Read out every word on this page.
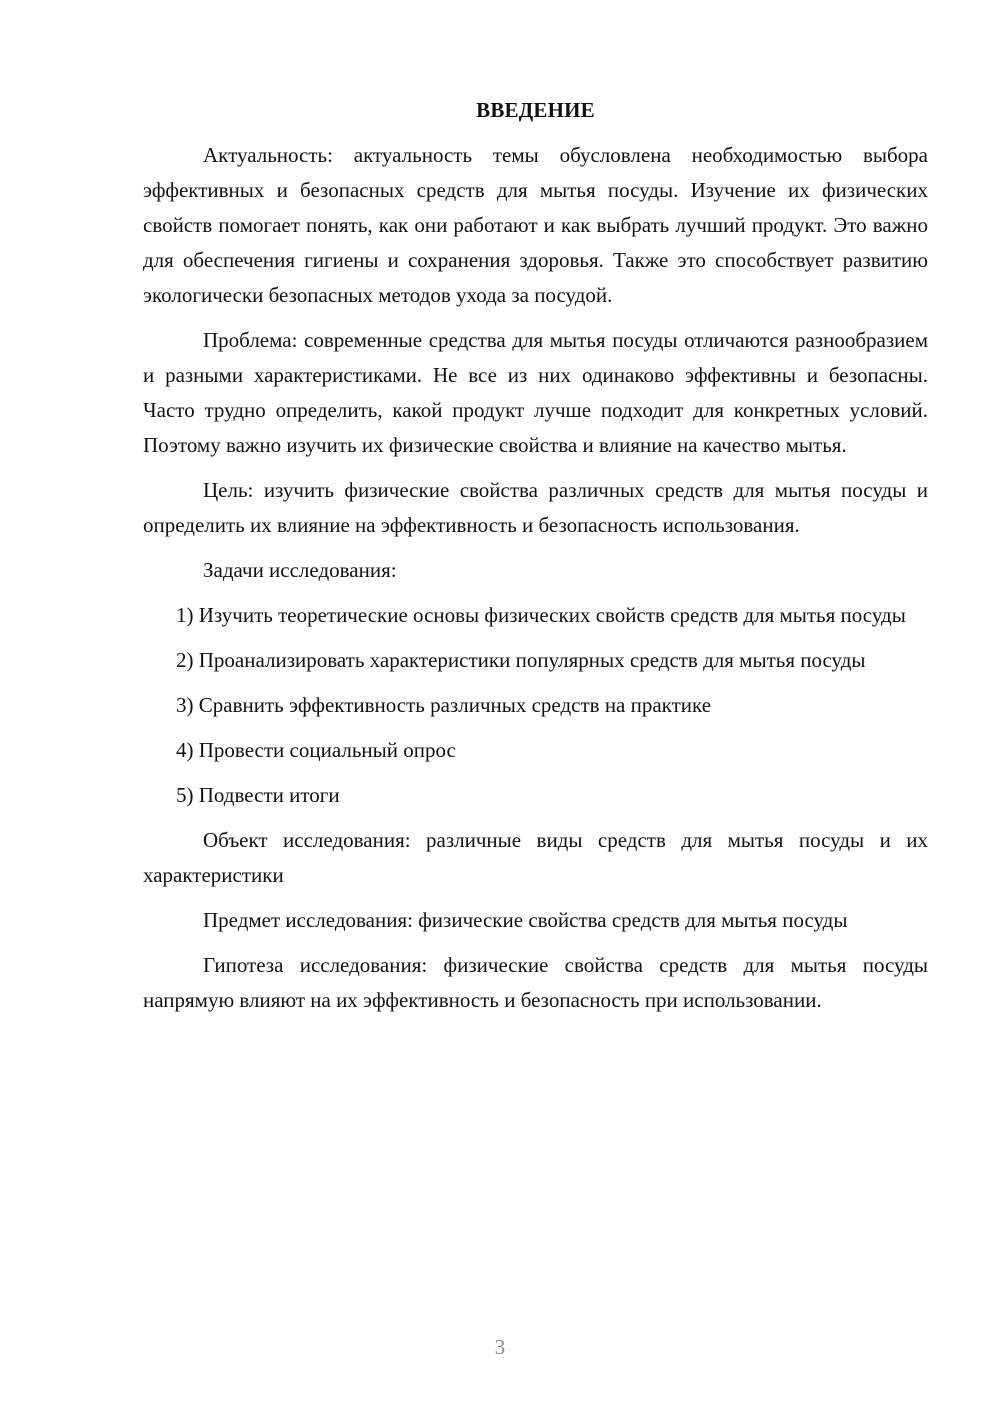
ВВЕДЕНИЕ

Актуальность: актуальность темы обусловлена необходимостью выбора эффективных и безопасных средств для мытья посуды. Изучение их физических свойств помогает понять, как они работают и как выбрать лучший продукт. Это важно для обеспечения гигиены и сохранения здоровья. Также это способствует развитию экологически безопасных методов ухода за посудой.

Проблема: современные средства для мытья посуды отличаются разнообразием и разными характеристиками. Не все из них одинаково эффективны и безопасны. Часто трудно определить, какой продукт лучше подходит для конкретных условий. Поэтому важно изучить их физические свойства и влияние на качество мытья.

Цель: изучить физические свойства различных средств для мытья посуды и определить их влияние на эффективность и безопасность использования.

Задачи исследования:

1) Изучить теоретические основы физических свойств средств для мытья посуды

2) Проанализировать характеристики популярных средств для мытья посуды

3) Сравнить эффективность различных средств на практике

4) Провести социальный опрос

5) Подвести итоги

Объект исследования: различные виды средств для мытья посуды и их характеристики

Предмет исследования: физические свойства средств для мытья посуды

Гипотеза исследования: физические свойства средств для мытья посуды напрямую влияют на их эффективность и безопасность при использовании.

3
